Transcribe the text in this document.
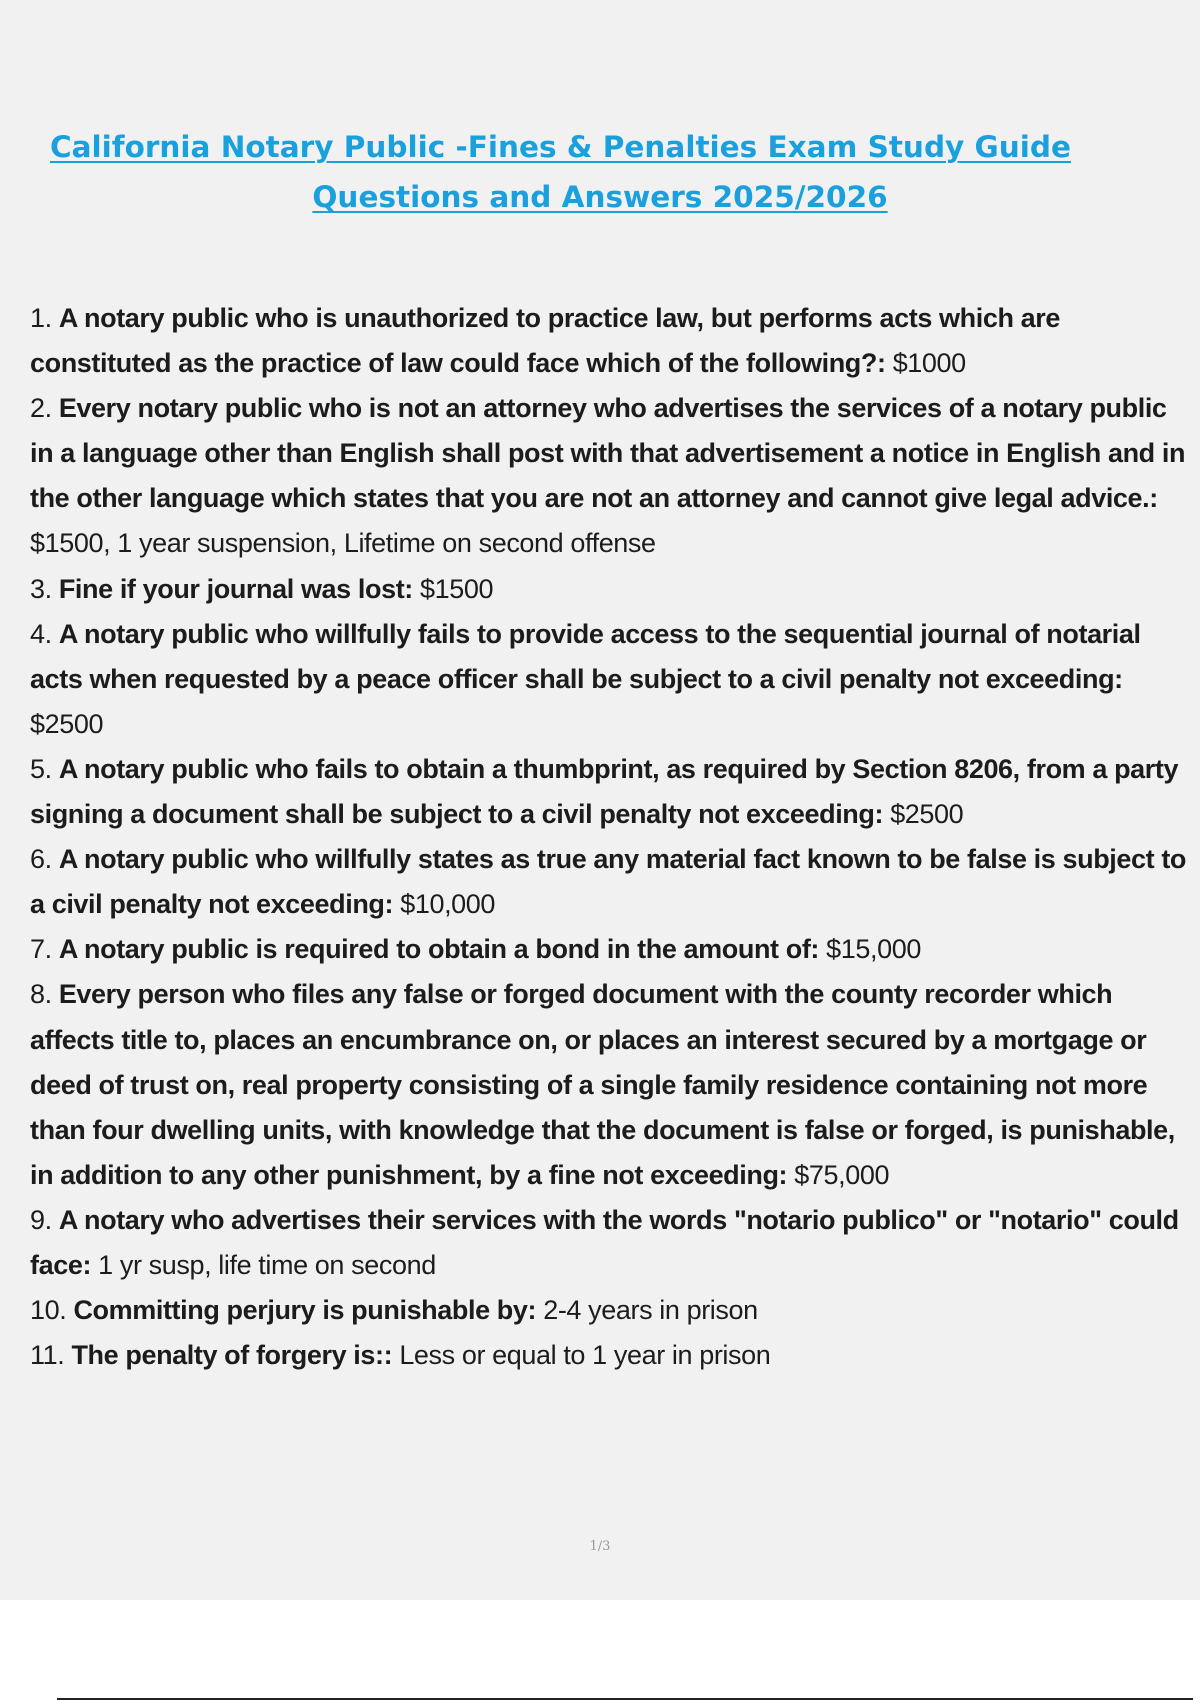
California Notary Public -Fines & Penalties Exam Study Guide
Questions and Answers 2025/2026

1. A notary public who is unauthorized to practice law, but performs acts which are constituted as the practice of law could face which of the following?: $1000

2. Every notary public who is not an attorney who advertises the services of a notary public in a language other than English shall post with that advertisement a notice in English and in the other language which states that you are not an attorney and cannot give legal advice.: $1500, 1 year suspension, Lifetime on second offense

3. Fine if your journal was lost: $1500

4. A notary public who willfully fails to provide access to the sequential journal of notarial acts when requested by a peace officer shall be subject to a civil penalty not exceeding: $2500

5. A notary public who fails to obtain a thumbprint, as required by Section 8206, from a party signing a document shall be subject to a civil penalty not exceeding: $2500

6. A notary public who willfully states as true any material fact known to be false is subject to a civil penalty not exceeding: $10,000

7. A notary public is required to obtain a bond in the amount of: $15,000

8. Every person who files any false or forged document with the county recorder which affects title to, places an encumbrance on, or places an interest secured by a mortgage or deed of trust on, real property consisting of a single family residence containing not more than four dwelling units, with knowledge that the document is false or forged, is punishable, in addition to any other punishment, by a fine not exceeding: $75,000

9. A notary who advertises their services with the words "notario publico" or "notario" could face: 1 yr susp, life time on second

10. Committing perjury is punishable by: 2-4 years in prison

11. The penalty of forgery is:: Less or equal to 1 year in prison

1/3
